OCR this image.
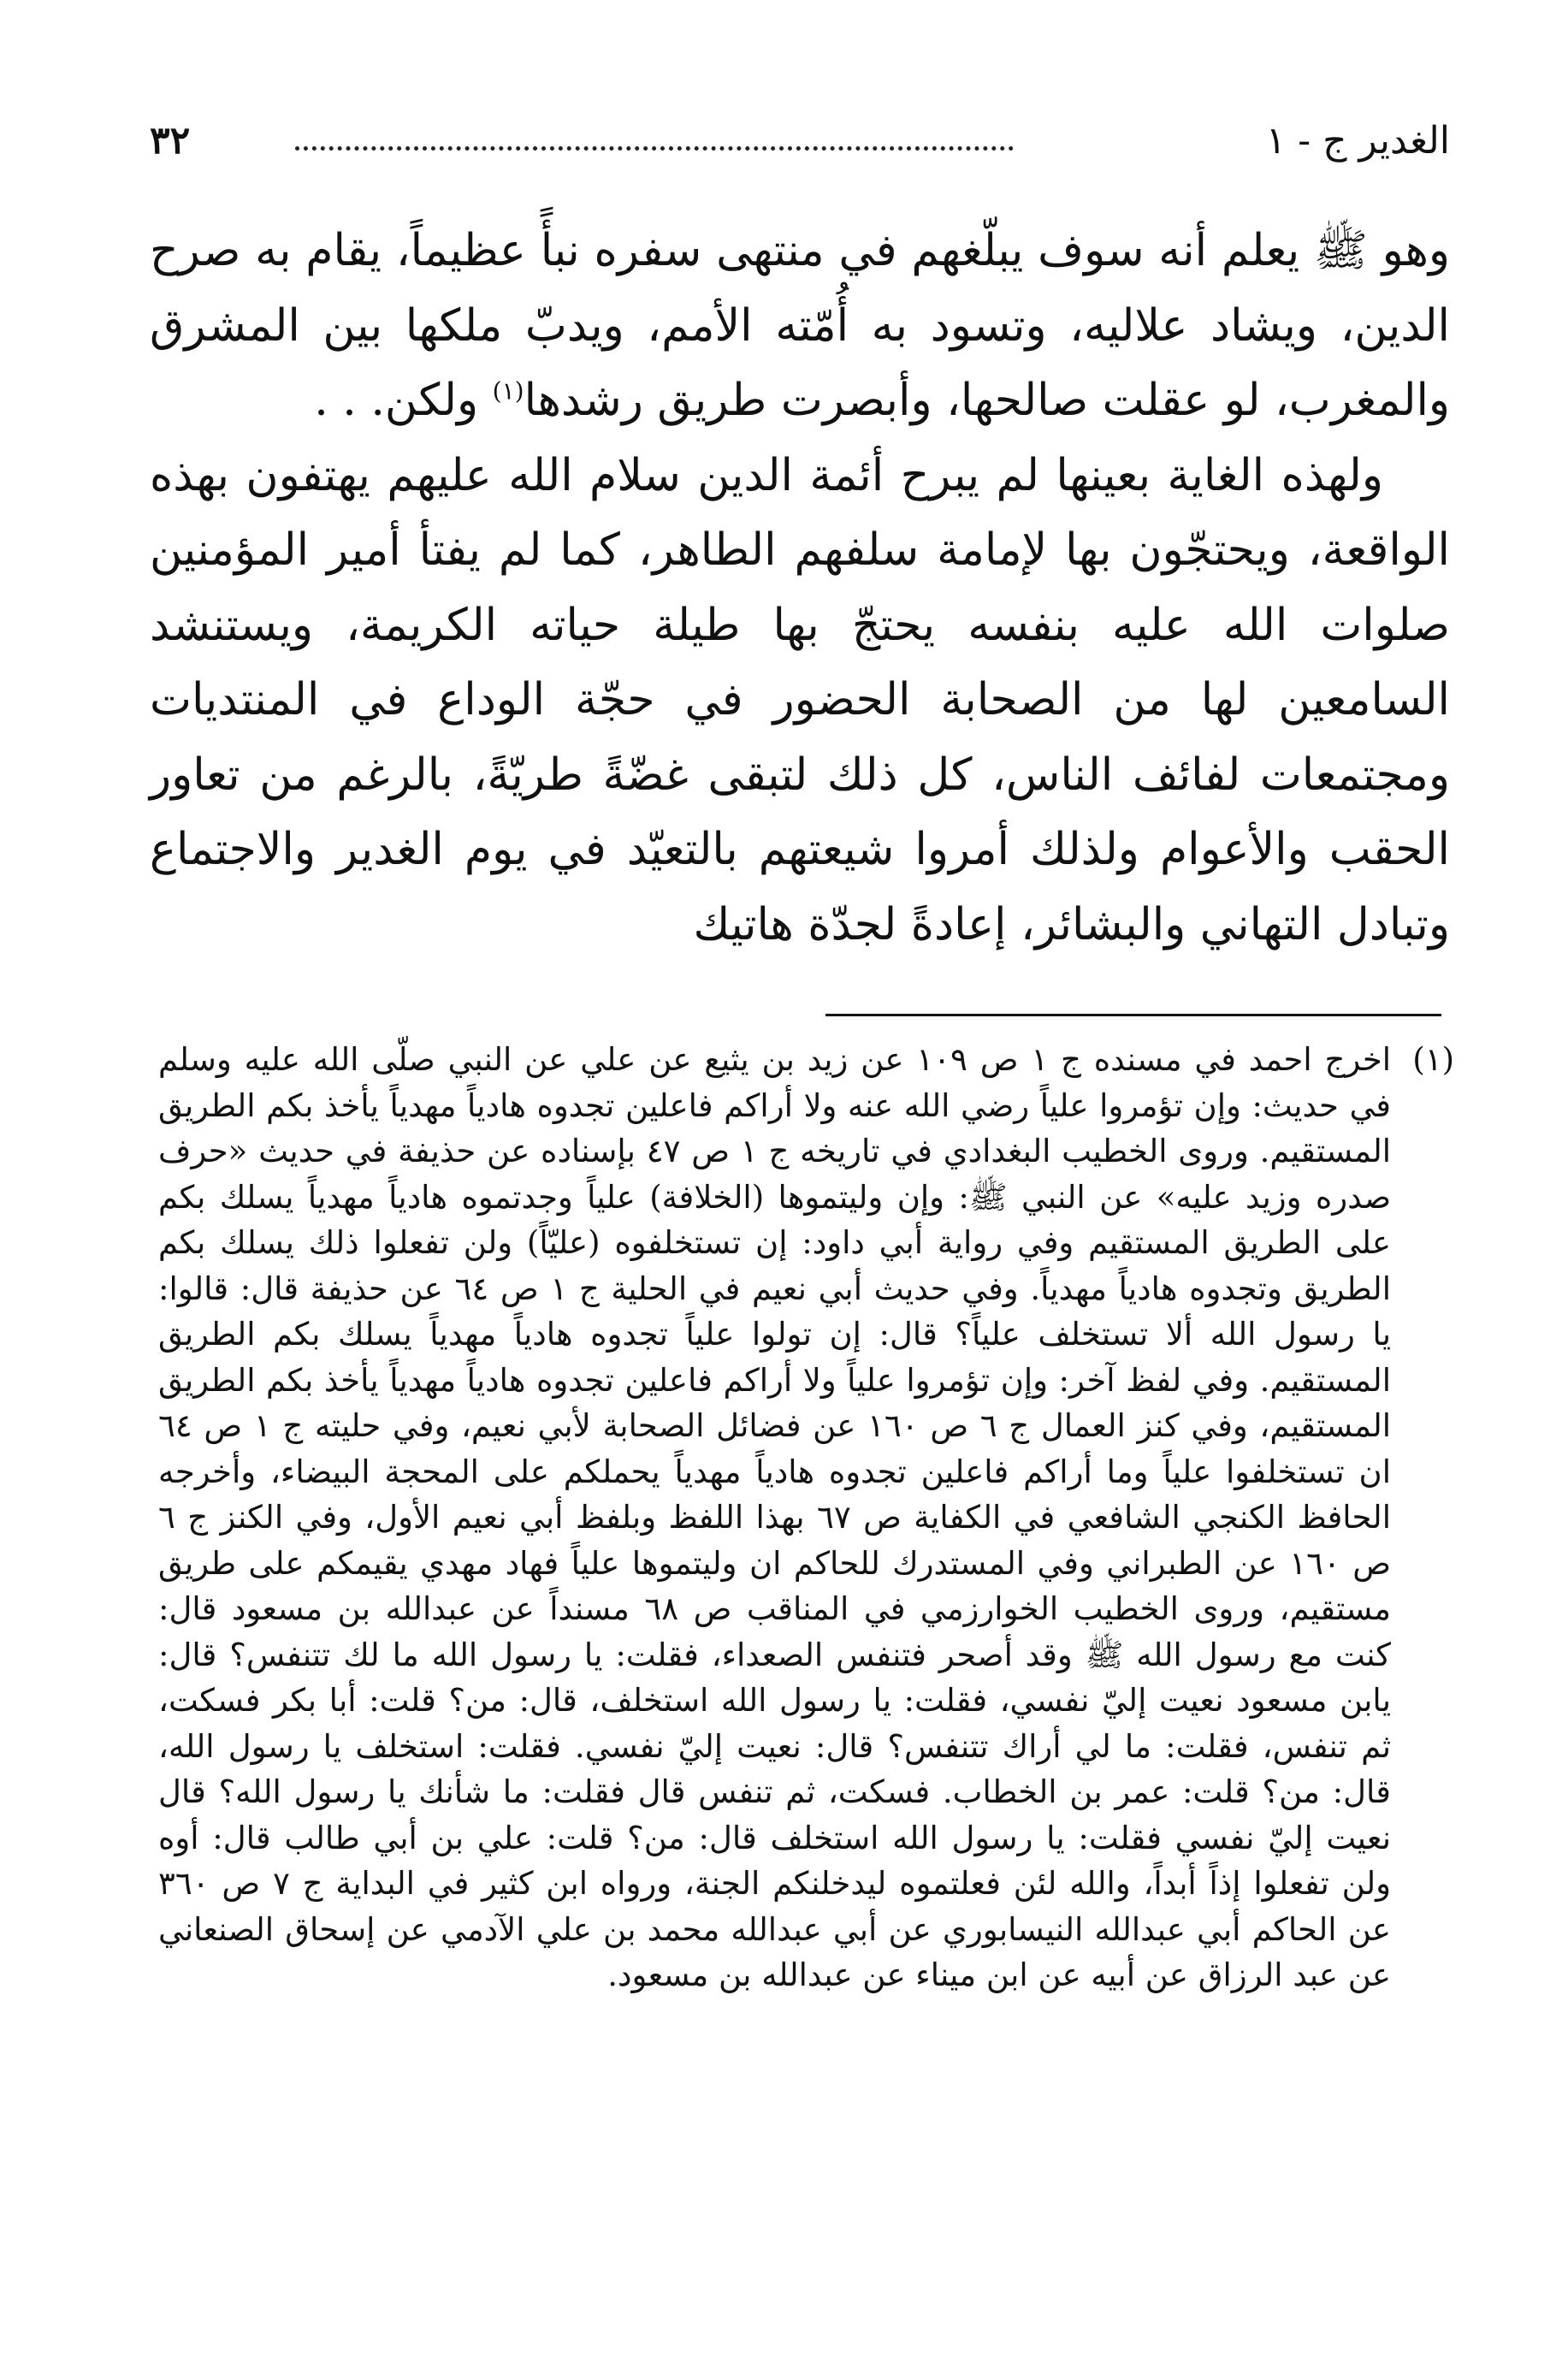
٣٢	الغدير ج - ١

وهو ﷺ يعلم أنه سوف يبلّغهم في منتهى سفره نبأً عظيماً، يقام به صرح الدين، ويشاد علاليه، وتسود به أُمّته الأمم، ويدبّ ملكها بين المشرق والمغرب، لو عقلت صالحها، وأبصرت طريق رشدها$^{(١)}$ ولكن. . .

ولهذه الغاية بعينها لم يبرح أئمة الدين سلام الله عليهم يهتفون بهذه الواقعة، ويحتجّون بها لإمامة سلفهم الطاهر، كما لم يفتأ أمير المؤمنين صلوات الله عليه بنفسه يحتجّ بها طيلة حياته الكريمة، ويستنشد السامعين لها من الصحابة الحضور في حجّة الوداع في المنتديات ومجتمعات لفائف الناس، كل ذلك لتبقى غضّةً طريّةً، بالرغم من تعاور الحقب والأعوام ولذلك أمروا شيعتهم بالتعيّد في يوم الغدير والاجتماع وتبادل التهاني والبشائر، إعادةً لجدّة هاتيك

(١)اخرج احمد في مسنده ج ١ ص ١٠٩ عن زيد بن يثيع عن علي عن النبي صلّى الله عليه وسلم في حديث: وإن تؤمروا علياً رضي الله عنه ولا أراكم فاعلين تجدوه هادياً مهدياً يأخذ بكم الطريق المستقيم. وروى الخطيب البغدادي في تاريخه ج ١ ص ٤٧ بإسناده عن حذيفة في حديث «حرف صدره وزيد عليه» عن النبي ﷺ: وإن وليتموها (الخلافة) علياً وجدتموه هادياً مهدياً يسلك بكم على الطريق المستقيم وفي رواية أبي داود: إن تستخلفوه (عليّاً) ولن تفعلوا ذلك يسلك بكم الطريق وتجدوه هادياً مهدياً. وفي حديث أبي نعيم في الحلية ج ١ ص ٦٤ عن حذيفة قال: قالوا: يا رسول الله ألا تستخلف علياً؟ قال: إن تولوا علياً تجدوه هادياً مهدياً يسلك بكم الطريق المستقيم. وفي لفظ آخر: وإن تؤمروا علياً ولا أراكم فاعلين تجدوه هادياً مهدياً يأخذ بكم الطريق المستقيم، وفي كنز العمال ج ٦ ص ١٦٠ عن فضائل الصحابة لأبي نعيم، وفي حليته ج ١ ص ٦٤ ان تستخلفوا علياً وما أراكم فاعلين تجدوه هادياً مهدياً يحملكم على المحجة البيضاء، وأخرجه الحافظ الكنجي الشافعي في الكفاية ص ٦٧ بهذا اللفظ وبلفظ أبي نعيم الأول، وفي الكنز ج ٦ ص ١٦٠ عن الطبراني وفي المستدرك للحاكم ان وليتموها علياً فهاد مهدي يقيمكم على طريق مستقيم، وروى الخطيب الخوارزمي في المناقب ص ٦٨ مسنداً عن عبدالله بن مسعود قال: كنت مع رسول الله ﷺ وقد أصحر فتنفس الصعداء، فقلت: يا رسول الله ما لك تتنفس؟ قال: يابن مسعود نعيت إليّ نفسي، فقلت: يا رسول الله استخلف، قال: من؟ قلت: أبا بكر فسكت، ثم تنفس، فقلت: ما لي أراك تتنفس؟ قال: نعيت إليّ نفسي. فقلت: استخلف يا رسول الله، قال: من؟ قلت: عمر بن الخطاب. فسكت، ثم تنفس قال فقلت: ما شأنك يا رسول الله؟ قال نعيت إليّ نفسي فقلت: يا رسول الله استخلف قال: من؟ قلت: علي بن أبي طالب قال: أوه ولن تفعلوا إذاً أبداً، والله لئن فعلتموه ليدخلنكم الجنة، ورواه ابن كثير في البداية ج ٧ ص ٣٦٠ عن الحاكم أبي عبدالله النيسابوري عن أبي عبدالله محمد بن علي الآدمي عن إسحاق الصنعاني عن عبد الرزاق عن أبيه عن ابن ميناء عن عبدالله بن مسعود.
